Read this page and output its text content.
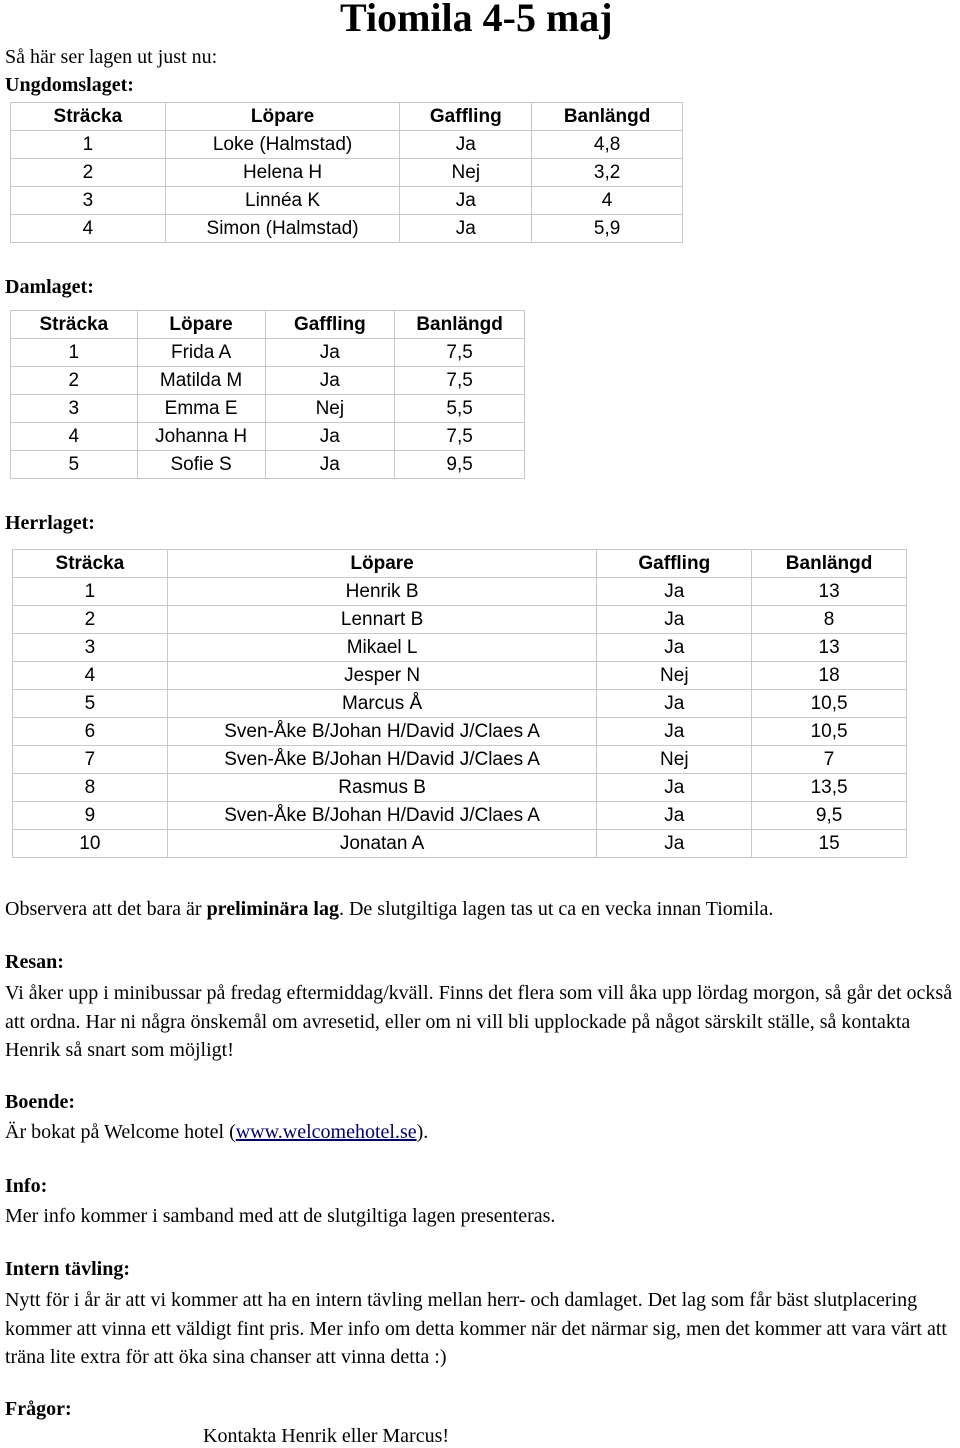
Tiomila 4-5 maj
Så här ser lagen ut just nu:
Ungdomslaget:
Sträcka	Löpare	Gaffling	Banlängd
1	Loke (Halmstad)	Ja	4,8
2	Helena H	Nej	3,2
3	Linnéa K	Ja	4
4	Simon (Halmstad)	Ja	5,9
Damlaget:
Sträcka	Löpare	Gaffling	Banlängd
1	Frida A	Ja	7,5
2	Matilda M	Ja	7,5
3	Emma E	Nej	5,5
4	Johanna H	Ja	7,5
5	Sofie S	Ja	9,5
Herrlaget:
Sträcka	Löpare	Gaffling	Banlängd
1	Henrik B	Ja	13
2	Lennart B	Ja	8
3	Mikael L	Ja	13
4	Jesper N	Nej	18
5	Marcus Å	Ja	10,5
6	Sven-Åke B/Johan H/David J/Claes A	Ja	10,5
7	Sven-Åke B/Johan H/David J/Claes A	Nej	7
8	Rasmus B	Ja	13,5
9	Sven-Åke B/Johan H/David J/Claes A	Ja	9,5
10	Jonatan A	Ja	15
Observera att det bara är preliminära lag. De slutgiltiga lagen tas ut ca en vecka innan Tiomila.
Resan:
Vi åker upp i minibussar på fredag eftermiddag/kväll. Finns det flera som vill åka upp lördag morgon, så går det också att ordna. Har ni några önskemål om avresetid, eller om ni vill bli upplockade på något särskilt ställe, så kontakta Henrik så snart som möjligt!
Boende:
Är bokat på Welcome hotel (www.welcomehotel.se).
Info:
Mer info kommer i samband med att de slutgiltiga lagen presenteras.
Intern tävling:
Nytt för i år är att vi kommer att ha en intern tävling mellan herr- och damlaget. Det lag som får bäst slutplacering kommer att vinna ett väldigt fint pris. Mer info om detta kommer när det närmar sig, men det kommer att vara värt att träna lite extra för att öka sina chanser att vinna detta :)
Frågor:
Kontakta Henrik eller Marcus!
